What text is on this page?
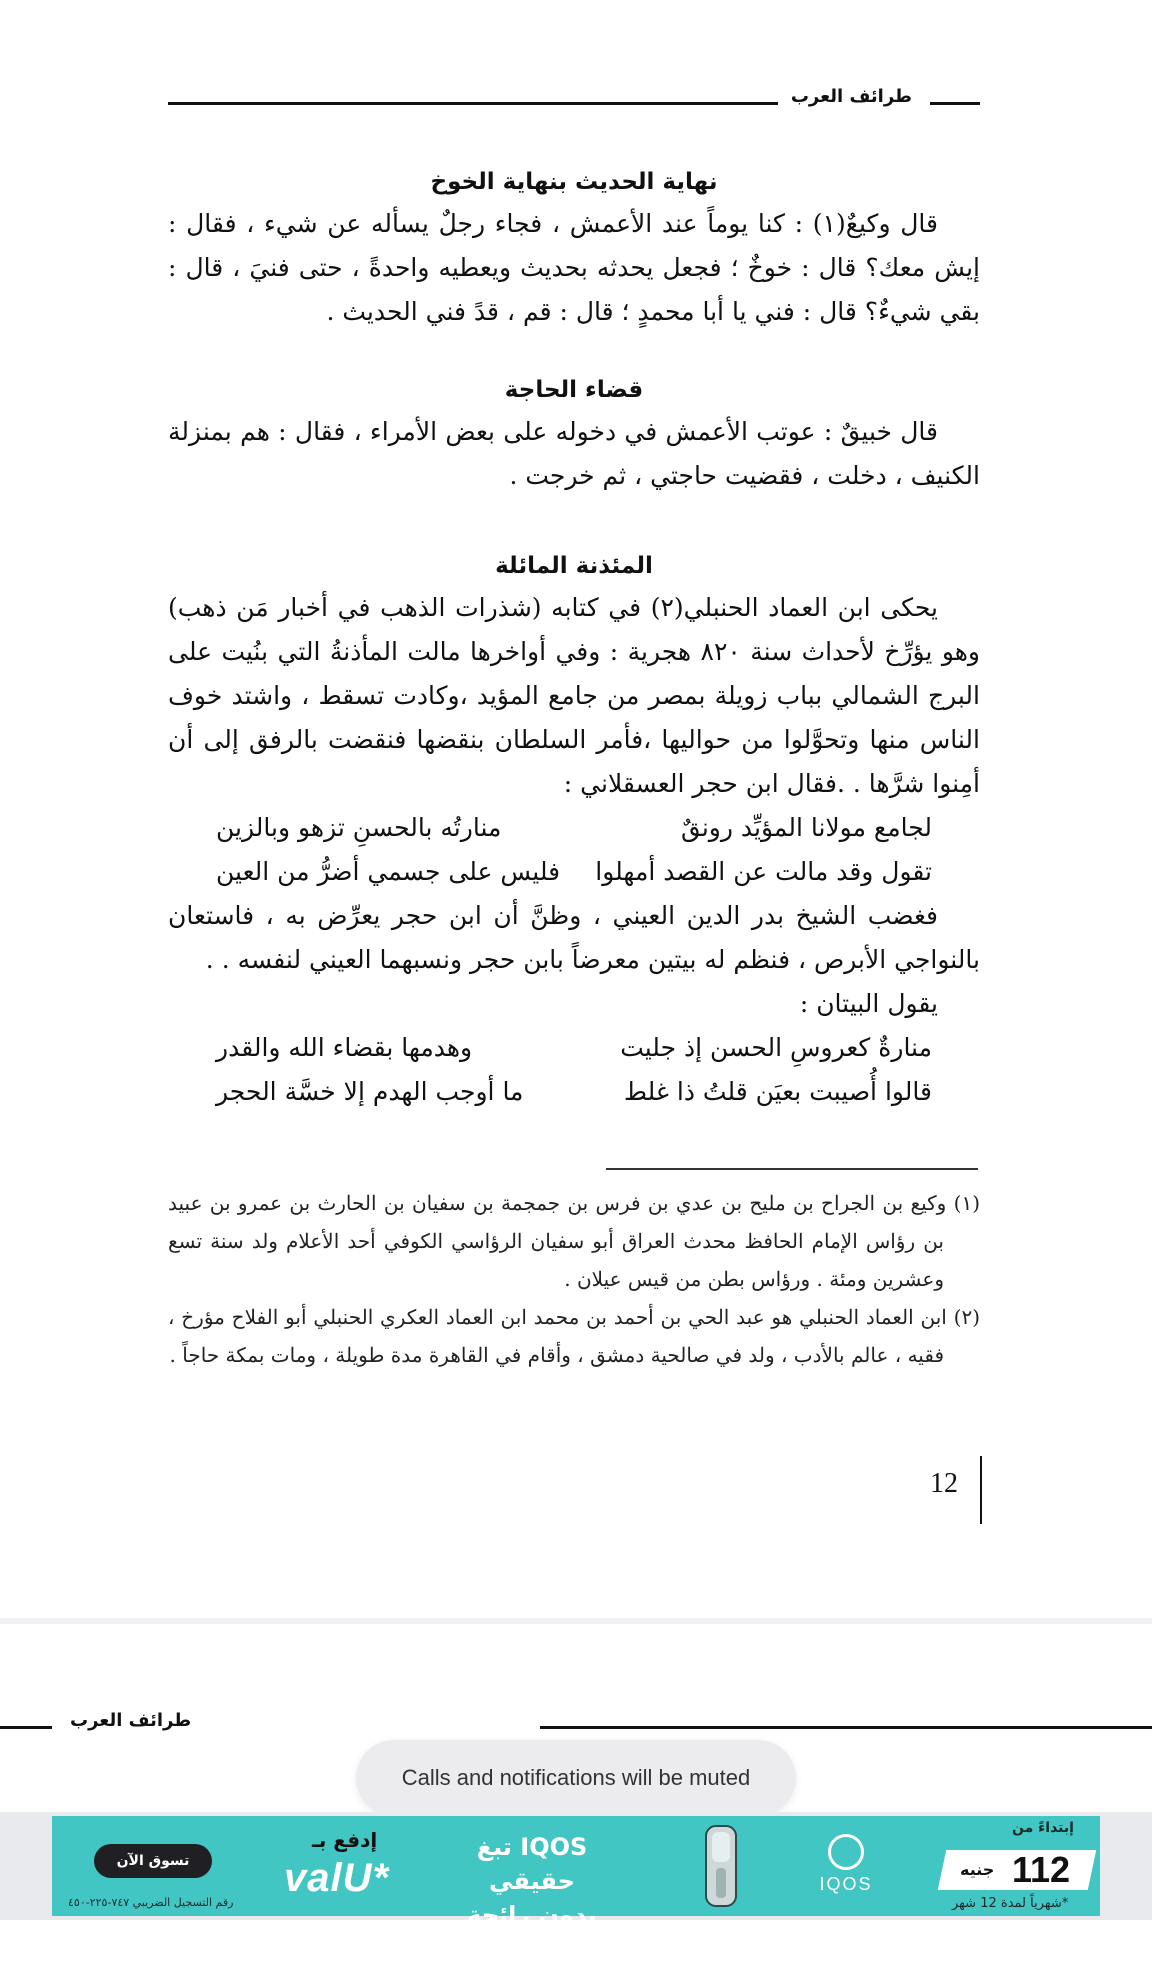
طرائف العرب
نهاية الحديث بنهاية الخوخ

قال وكيعٌ(١) : كنا يوماً عند الأعمش ، فجاء رجلٌ يسأله عن شيء ، فقال : إيش معك؟ قال : خوخٌ ؛ فجعل يحدثه بحديث ويعطيه واحدةً ، حتى فنيَ ، قال : بقي شيءٌ؟ قال : فني يا أبا محمدٍ ؛ قال : قم ، قدً فني الحديث .

قضاء الحاجة

قال خبيقٌ : عوتب الأعمش في دخوله على بعض الأمراء ، فقال : هم بمنزلة الكنيف ، دخلت ، فقضيت حاجتي ، ثم خرجت .

المئذنة المائلة

يحكى ابن العماد الحنبلي(٢) في كتابه (شذرات الذهب في أخبار مَن ذهب) وهو يؤرِّخ لأحداث سنة ٨٢٠ هجرية : وفي أواخرها مالت المأذنةُ التي بنُيت على البرج الشمالي بباب زويلة بمصر من جامع المؤيد ،وكادت تسقط ، واشتد خوف الناس منها وتحوَّلوا من حواليها ،فأمر السلطان بنقضها فنقضت بالرفق إلى أن أمِنوا شرَّها . .فقال ابن حجر العسقلاني :

لجامع مولانا المؤيِّد رونقٌ
منارتُه بالحسنِ تزهو وبالزين
تقول وقد مالت عن القصد أمهلوا
فليس على جسمي أضرُّ من العين

فغضب الشيخ بدر الدين العيني ، وظنَّ أن ابن حجر يعرِّض به ، فاستعان بالنواجي الأبرص ، فنظم له بيتين معرضاً بابن حجر ونسبهما العيني لنفسه . .

يقول البيتان :

منارةٌ كعروسِ الحسن إذ جليت
وهدمها بقضاء الله والقدر
قالوا أُصيبت بعيَن قلتُ ذا غلط
ما أوجب الهدم إلا خسَّة الحجر

(١) وكيع بن الجراح بن مليح بن عدي بن فرس بن جمجمة بن سفيان بن الحارث بن عمرو بن عبيد بن رؤاس الإمام الحافظ محدث العراق أبو سفيان الرؤاسي الكوفي أحد الأعلام ولد سنة تسع وعشرين ومئة . ورؤاس بطن من قيس عيلان .

(٢) ابن العماد الحنبلي هو عبد الحي بن أحمد بن محمد ابن العماد العكري الحنبلي أبو الفلاح مؤرخ ، فقيه ، عالم بالأدب ، ولد في صالحية دمشق ، وأقام في القاهرة مدة طويلة ، ومات بمكة حاجاً .

12
طرائف العرب
Calls and notifications will be muted
تسوق الآن
رقم التسجيل الضريبي ٧٤٧-٢٢٥-٤٥٠
إدفع بـ
valU*
IQOS تبغ حقيقي
بدون رائحة دخان.
IQOS
إبتداءً من
112
جنيه
*شهرياً لمدة 12 شهر
